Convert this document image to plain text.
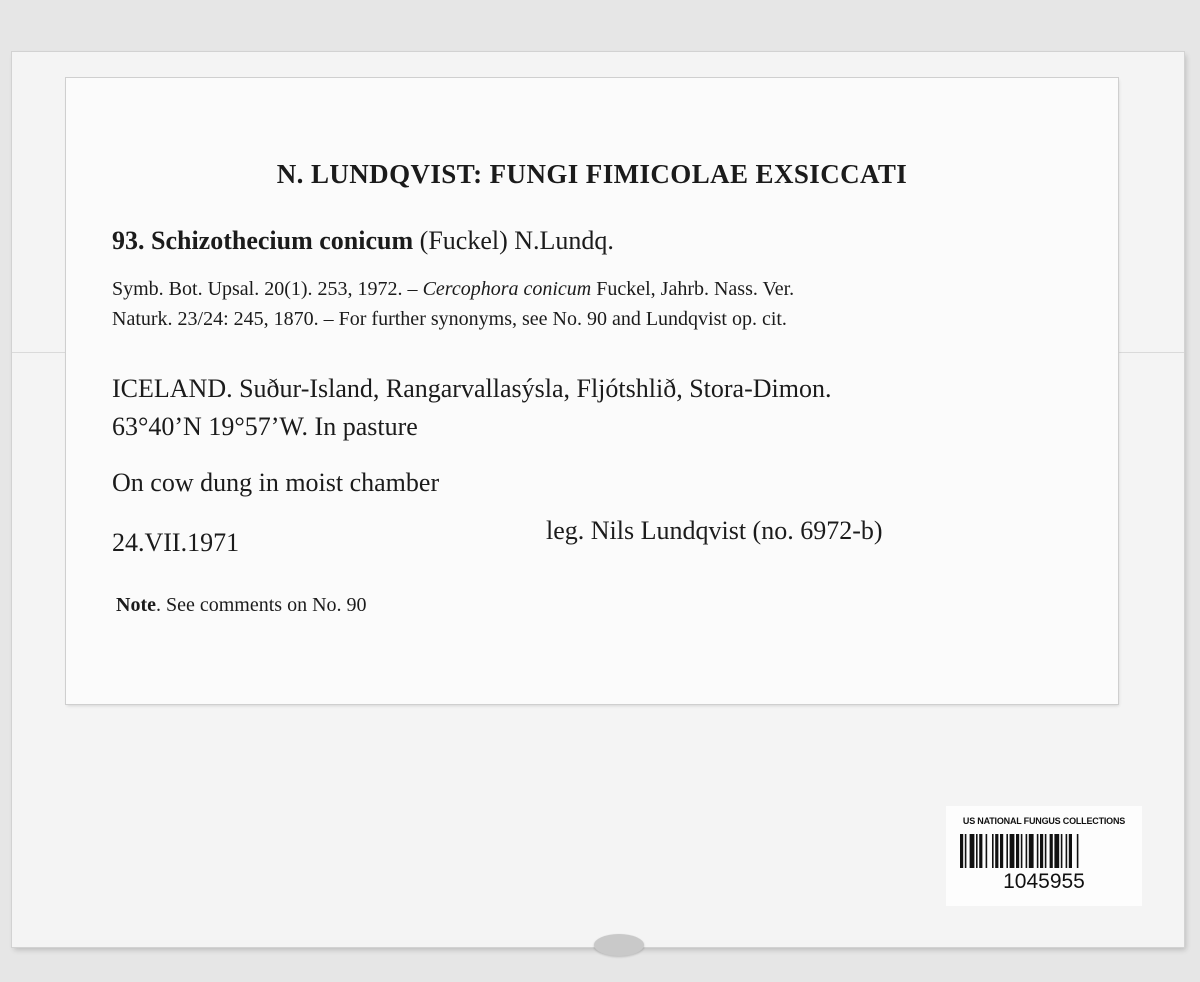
N. LUNDQVIST: FUNGI FIMICOLAE EXSICCATI

93. Schizothecium conicum (Fuckel) N.Lundq.

Symb. Bot. Upsal. 20(1). 253, 1972. – Cercophora conicum Fuckel, Jahrb. Nass. Ver.
Naturk. 23/24: 245, 1870. – For further synonyms, see No. 90 and Lundqvist op. cit.
ICELAND. Suður-Island, Rangarvallasýsla, Fljótshlið, Stora-Dimon.
63°40’N 19°57’W. In pasture

On cow dung in moist chamber

24.VII.1971	leg. Nils Lundqvist (no. 6972-b)

Note. See comments on No. 90

US NATIONAL FUNGUS COLLECTIONS
1045955
